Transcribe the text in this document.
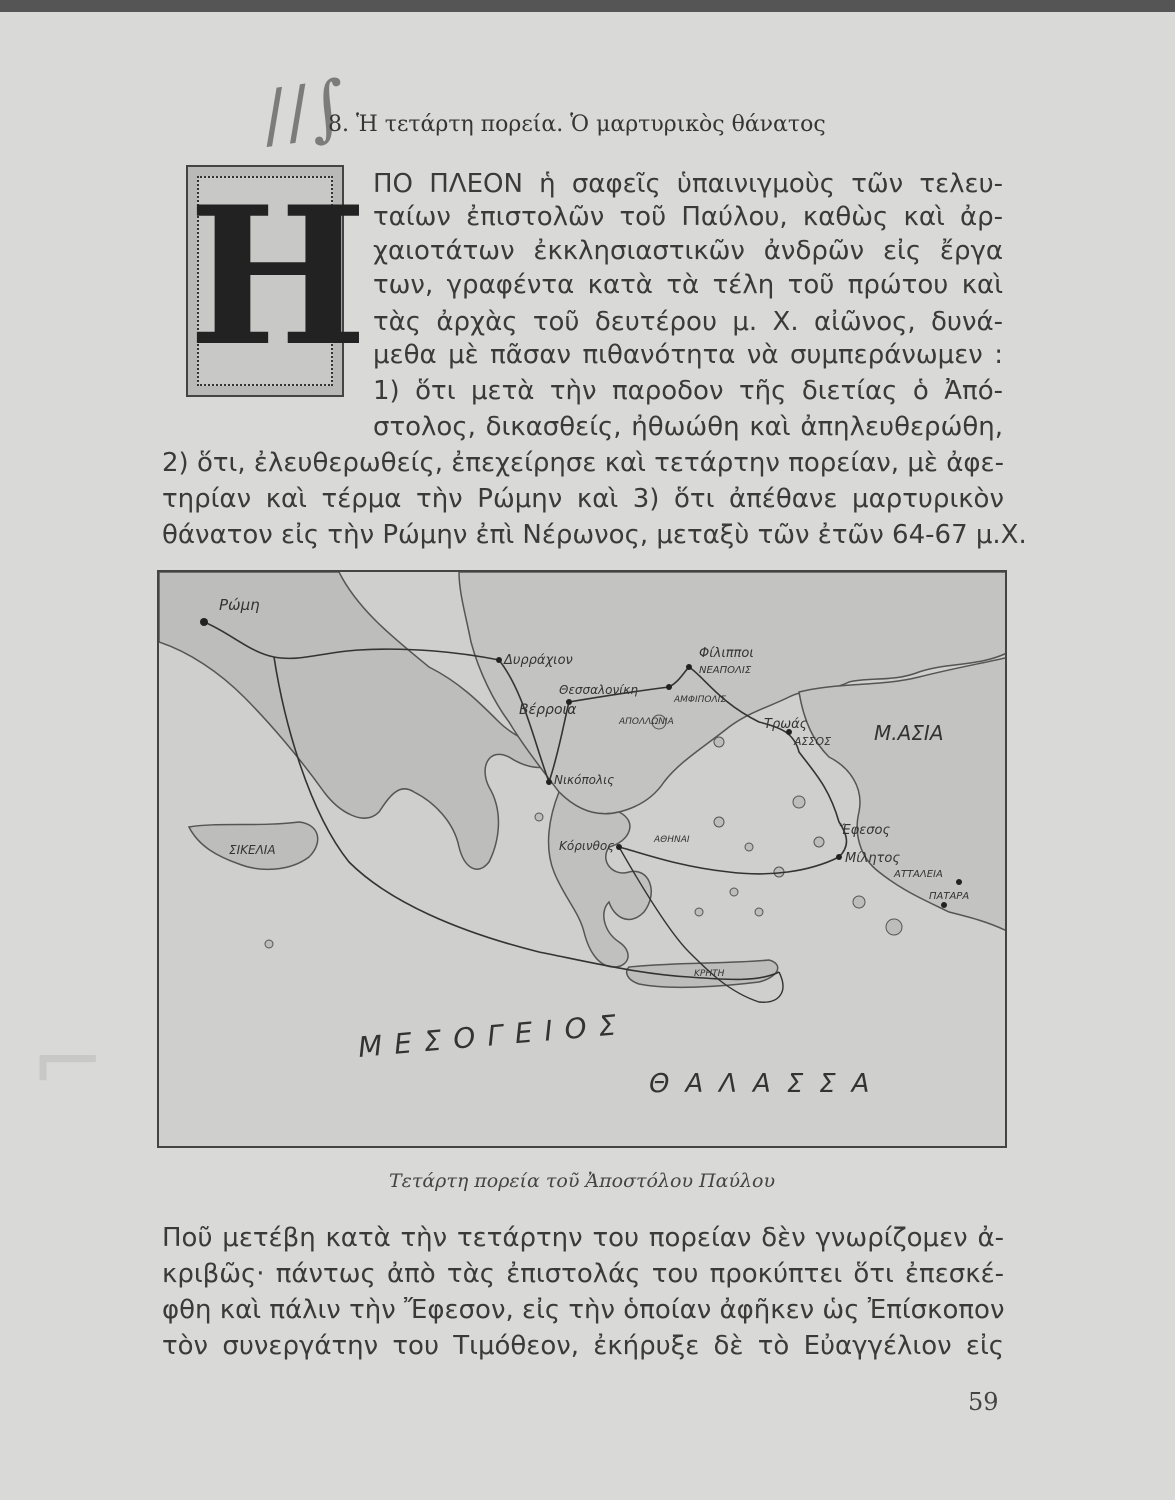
∕∕∫
⌐
8. Ἡ τετάρτη πορεία. Ὁ μαρτυρικὸς θάνατος
Η ΠΟ ΠΛΕΟΝ ἡ σαφεῖς ὑπαινιγμοὺς τῶν τελευ-
ταίων ἐπιστολῶν τοῦ Παύλου, καθὼς καὶ ἀρ-
χαιοτάτων ἐκκλησιαστικῶν ἀνδρῶν εἰς ἔργα
των, γραφέντα κατὰ τὰ τέλη τοῦ πρώτου καὶ
τὰς ἀρχὰς τοῦ δευτέρου μ. Χ. αἰῶνος, δυνά-
μεθα μὲ πᾶσαν πιθανότητα νὰ συμπεράνωμεν :
1) ὅτι μετὰ τὴν παροδον τῆς διετίας ὁ Ἀπό-
στολος, δικασθείς, ἠθωώθη καὶ ἀπηλευθερώθη,
2) ὅτι, ἐλευθερωθείς, ἐπεχείρησε καὶ τετάρτην πορείαν, μὲ ἀφε-
τηρίαν καὶ τέρμα τὴν Ρώμην καὶ 3) ὅτι ἀπέθανε μαρτυρικὸν
θάνατον εἰς τὴν Ρώμην ἐπὶ Νέρωνος, μεταξὺ τῶν ἐτῶν 64-67 μ.Χ.
Ρώμη
Δυρράχιον	Φίλιπποι
ΝΕΑΠΟΛΙΣ
Θεσσαλονίκη
ΑΜΦΙΠΟΛΙΣ
Βέρροια
ΑΠΟΛΛΩΝΙΑ	Τρωάς
ΑΣΣΟΣ Μ.ΑΣΙΑ
Νικόπολις
Ἔφεσος
Μίλητος
Κόρινθος	ΑΘΗΝΑΙ
ΣΙΚΕΛΙΑ
ΑΤΤΑΛΕΙΑ
ΠΑΤΑΡΑ
ΚΡΗΤΗ
ΜΕΣΟΓΕΙΟΣ
ΘΑΛΑΣΣΑ
Τετάρτη πορεία τοῦ Ἀποστόλου Παύλου
Ποῦ μετέβη κατὰ τὴν τετάρτην του πορείαν δὲν γνωρίζομεν ἀ-
κριβῶς· πάντως ἀπὸ τὰς ἐπιστολάς του προκύπτει ὅτι ἐπεσκέ-
φθη καὶ πάλιν τὴν Ἔφεσον, εἰς τὴν ὁποίαν ἀφῆκεν ὡς Ἐπίσκοπον
τὸν συνεργάτην του Τιμόθεον, ἐκήρυξε δὲ τὸ Εὐαγγέλιον εἰς
59
